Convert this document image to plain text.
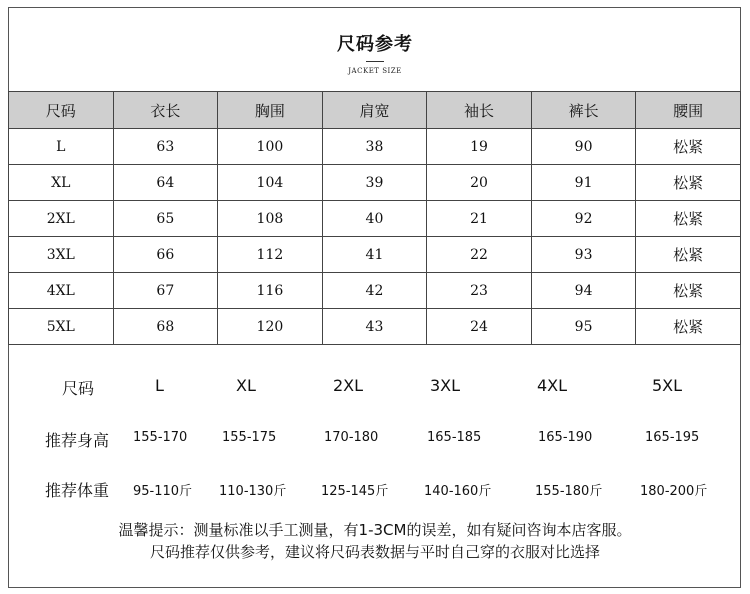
尺码参考
JACKET SIZE
尺码	衣长	胸围	肩宽	袖长	裤长	腰围
L	63	100	38	19	90	松紧
XL	64	104	39	20	91	松紧
2XL	65	108	40	21	92	松紧
3XL	66	112	41	22	93	松紧
4XL	67	116	42	23	94	松紧
5XL	68	120	43	24	95	松紧
尺码	L	XL	2XL	3XL	4XL	5XL
推荐身高 155-170	155-175	170-180	165-185	165-190	165-195
推荐体重 95-110斤 110-130斤	125-145斤	140-160斤	155-180斤	180-200斤
温馨提示：测量标准以手工测量，有1-3CM的误差，如有疑问咨询本店客服。
尺码推荐仅供参考，建议将尺码表数据与平时自己穿的衣服对比选择
